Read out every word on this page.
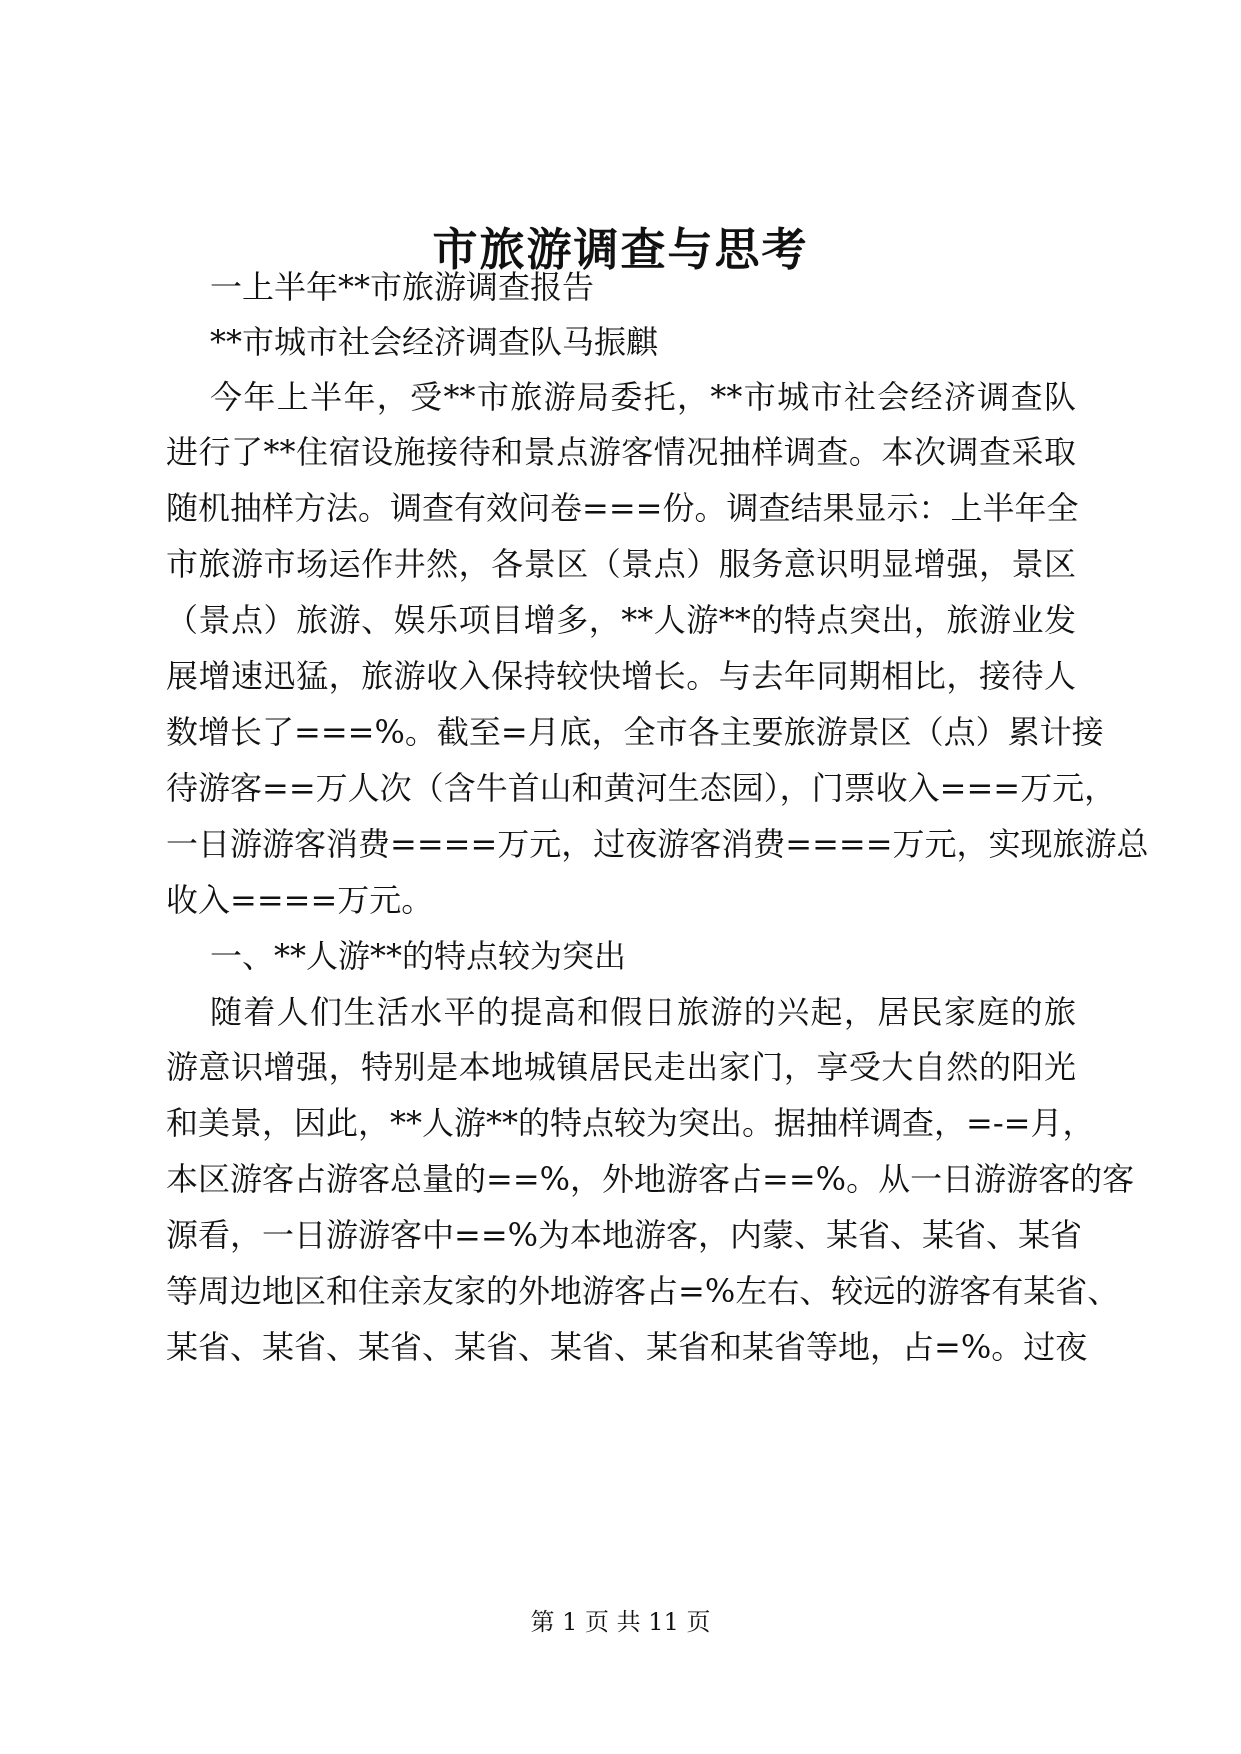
市旅游调查与思考
一上半年**市旅游调查报告
**市城市社会经济调查队马振麒
今年上半年，受**市旅游局委托，**市城市社会经济调查队
进行了**住宿设施接待和景点游客情况抽样调查。本次调查采取
随机抽样方法。调查有效问卷===份。调查结果显示：上半年全
市旅游市场运作井然，各景区（景点）服务意识明显增强，景区
（景点）旅游、娱乐项目增多，**人游**的特点突出，旅游业发
展增速迅猛，旅游收入保持较快增长。与去年同期相比，接待人
数增长了===%。截至=月底，全市各主要旅游景区（点）累计接
待游客==万人次（含牛首山和黄河生态园），门票收入===万元，
一日游游客消费====万元，过夜游客消费====万元，实现旅游总
收入====万元。
一、**人游**的特点较为突出
随着人们生活水平的提高和假日旅游的兴起，居民家庭的旅
游意识增强，特别是本地城镇居民走出家门，享受大自然的阳光
和美景，因此，**人游**的特点较为突出。据抽样调查，=-=月，
本区游客占游客总量的==%，外地游客占==%。从一日游游客的客
源看，一日游游客中==%为本地游客，内蒙、某省、某省、某省
等周边地区和住亲友家的外地游客占=%左右、较远的游客有某省、
某省、某省、某省、某省、某省、某省和某省等地，占=%。过夜
第 1 页 共 11 页
